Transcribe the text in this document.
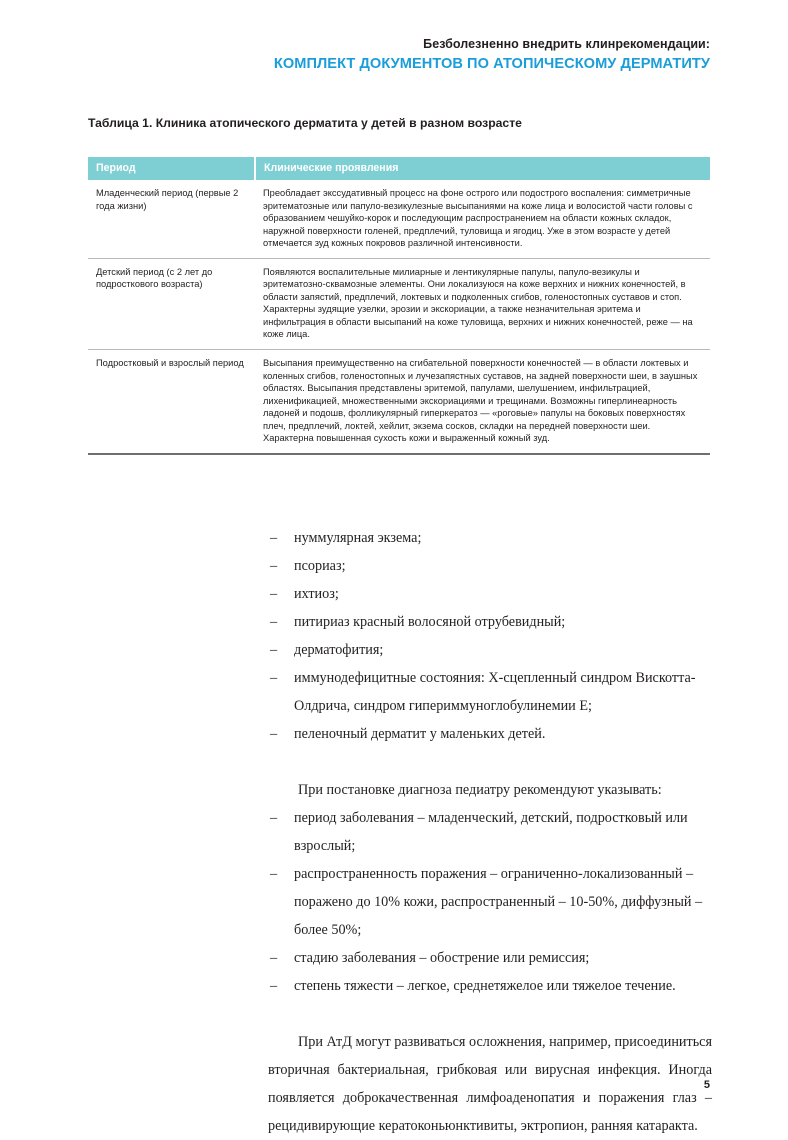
Безболезненно внедрить клинрекомендации:
КОМПЛЕКТ ДОКУМЕНТОВ ПО АТОПИЧЕСКОМУ ДЕРМАТИТУ
Таблица 1. Клиника атопического дерматита у детей в разном возрасте
Период	Клинические проявления
Младенческий период (первые 2 года жизни)	Преобладает экссудативный процесс на фоне острого или подострого воспаления: симметричные эритематозные или папуло-везикулезные высыпаниями на коже лица и волосистой части головы с образованием чешуйко-корок и последующим распространением на области кожных складок, наружной поверхности голеней, предплечий, туловища и ягодиц. Уже в этом возрасте у детей отмечается зуд кожных покровов различной интенсивности.
Детский период (с 2 лет до подросткового возраста)	Появляются воспалительные милиарные и лентикулярные папулы, папуло-везикулы и эритематозно-сквамозные элементы. Они локализуюся на коже верхних и нижних конечностей, в области запястий, предплечий, локтевых и подколенных сгибов, голеностопных суставов и стоп. Характерны зудящие узелки, эрозии и экскориации, а также незначительная эритема и инфильтрация в области высыпаний на коже туловища, верхних и нижних конечностей, реже — на коже лица.
Подростковый и взрослый период	Высыпания преимущественно на сгибательной поверхности конечностей — в области локтевых и коленных сгибов, голеностопных и лучезапястных суставов, на задней поверхности шеи, в заушных областях. Высыпания представлены эритемой, папулами, шелушением, инфильтрацией, лихенификацией, множественными экскориациями и трещинами. Возможны гиперлинеарность ладоней и подошв, фолликулярный гиперкератоз — «роговые» папулы на боковых поверхностях плеч, предплечий, локтей, хейлит, экзема сосков, складки на передней поверхности шеи. Характерна повышенная сухость кожи и выраженный кожный зуд.
– нуммулярная экзема;
– псориаз;
– ихтиоз;
– питириаз красный волосяной отрубевидный;
– дерматофития;
– иммунодефицитные состояния: Х-сцепленный синдром Вискотта-Олдрича, синдром гипериммуноглобулинемии Е;
– пеленочный дерматит у маленьких детей.

При постановке диагноза педиатру рекомендуют указывать:

– период заболевания – младенческий, детский, подростковый или взрослый;
– распространенность поражения – ограниченно-локализованный – поражено до 10% кожи, распространенный – 10-50%, диффузный – более 50%;
– стадию заболевания – обострение или ремиссия;
– степень тяжести – легкое, среднетяжелое или тяжелое течение.

При АтД могут развиваться осложнения, например, присоединиться вторичная бактериальная, грибковая или вирусная инфекция. Иногда появляется доброкачественная лимфоаденопатия и поражения глаз – рецидивирующие кератоконьюнктивиты, эктропион, ранняя катаракта.

5
